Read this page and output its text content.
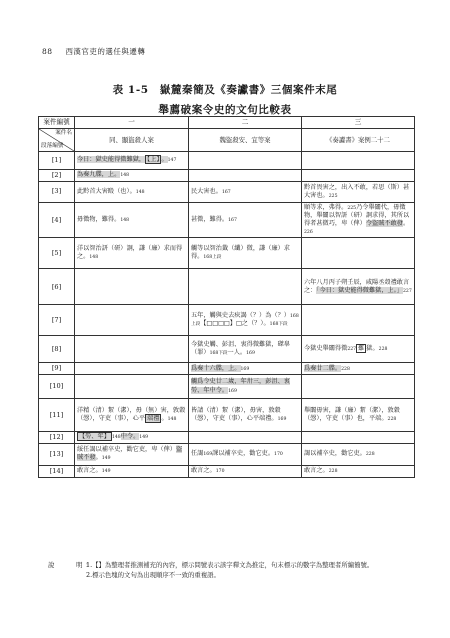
88 西漢官吏的選任與遷轉
表 1-5　嶽麓秦簡及《奏讞書》三個案件末尾
舉薦破案令史的文句比較表
案件編號	一	二	三

案件名
段落編號	同、顯盜殺人案	魏盜殺安、宜等案	《奏讞書》案例二十二
[1]	今日：獄史能得微難獄， 【上】 。147		
[2]	為奏九牒，上。148		
[3]	此黔首大害殹（也）。148	民大害也。167	黔首畏害之，出入不敢，若思（斯）甚大害也。225
[4]	毋徵物，難得。148	甚微，難得。167	順等求，弗得。225乃令舉闟代，毋徵物，舉闟以智訮（研）詗求得，其所以得者甚微巧，卑（俾）令盜賊不敢發。226
[5]	洋以智治訮（研）詗，謙（廉）求而得之。148	觸等以智治韱（纖）微，謙（廉）求得。168上段	
[6]			六年八月丙子朔壬辰，咸陽丞殼禮敢言之：「今日：獄史能得微難獄，上。」227
[7]		五年，觸與史去疢謁（？）為（？）168上段【□□□□】□之（？）。168下段	
[8]		今獄史觸、彭沮、衷得微難獄，磔辠（罪）168下段一人。169	今獄史舉闟得微227 難 獄。228
[9]		爲奏十六牒，上。169	爲奏廿二牒。228
[10]		觸爲令史廿二歲，年卅三，彭沮、衷勞、年中令。169	
[11]	洋精（清）絜（潔），毋（無）害，敦穀（愨），守吏（事），心平 端禮 。148	皆請（清）絜（潔），毋害，敦穀（愨），守吏（事），心平端禮。169	舉闟毋害，謙（廉）絜（潔），敦穀（愨），守吏（事）也，平端。228
[12]	【勞、年】 148中令。149		
[13]	綏任謁以補卒史，勸它吏，卑（俾）盜賊不發。149	任謁169課以補卒史，勸它吏。170	謁以補卒史，勸它吏。228
[14]	敢言之。149	敢言之。170	敢言之。228
說　　明：
1.【】為整理者推測補充的內容，標示問號表示該字釋文為推定，句末標示的數字為整理者所編簡號。
2.標示色塊的文句為出現順序不一致的重複語。
